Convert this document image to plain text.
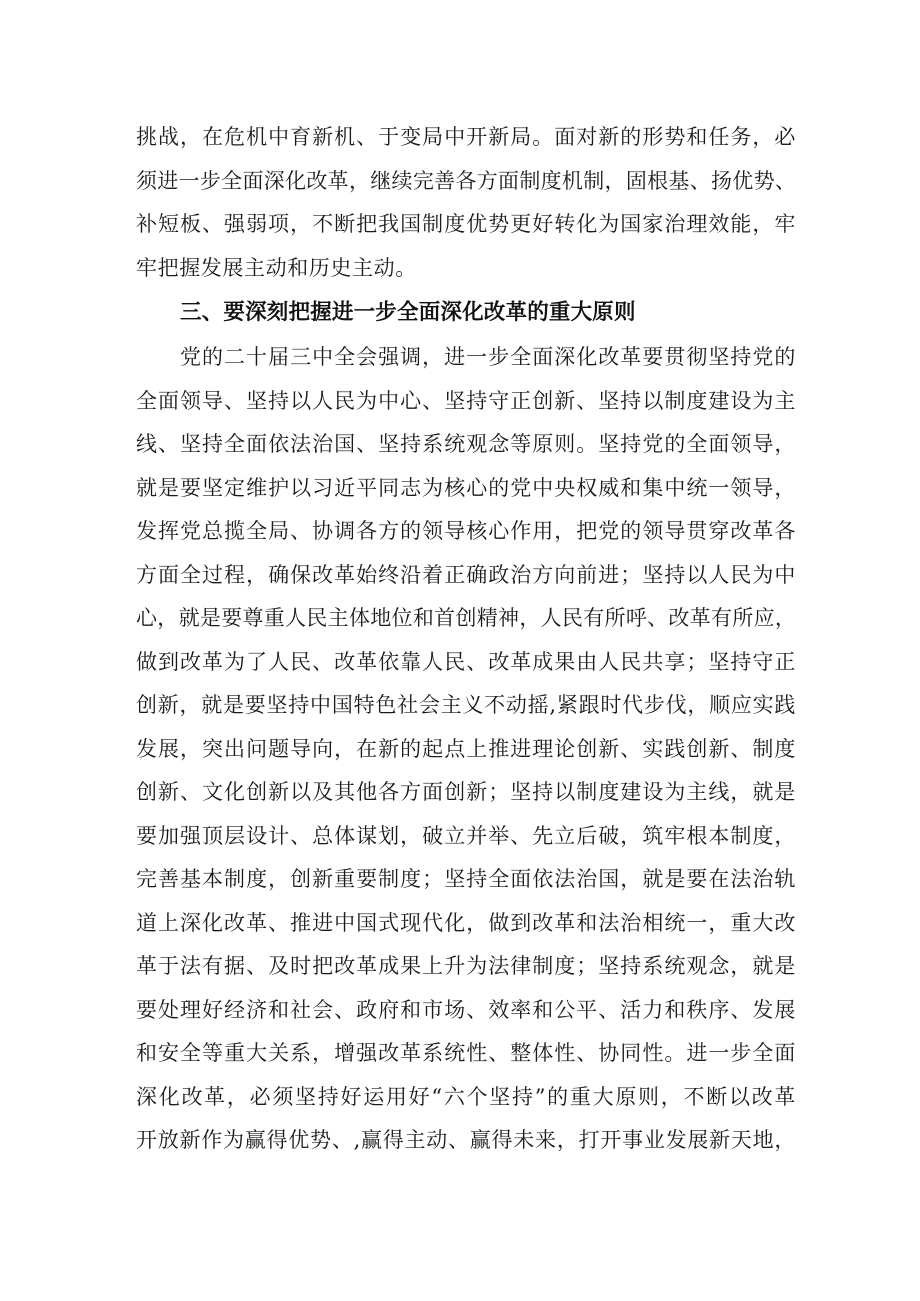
挑战，在危机中育新机、于变局中开新局。面对新的形势和任务，必
须进一步全面深化改革，继续完善各方面制度机制，固根基、扬优势、
补短板、强弱项，不断把我国制度优势更好转化为国家治理效能，牢
牢把握发展主动和历史主动。
三、要深刻把握进一步全面深化改革的重大原则
党的二十届三中全会强调，进一步全面深化改革要贯彻坚持党的
全面领导、坚持以人民为中心、坚持守正创新、坚持以制度建设为主
线、坚持全面依法治国、坚持系统观念等原则。坚持党的全面领导，
就是要坚定维护以习近平同志为核心的党中央权威和集中统一领导，
发挥党总揽全局、协调各方的领导核心作用，把党的领导贯穿改革各
方面全过程，确保改革始终沿着正确政治方向前进；坚持以人民为中
心，就是要尊重人民主体地位和首创精神，人民有所呼、改革有所应，
做到改革为了人民、改革依靠人民、改革成果由人民共享；坚持守正
创新，就是要坚持中国特色社会主义不动摇,紧跟时代步伐，顺应实践
发展，突出问题导向，在新的起点上推进理论创新、实践创新、制度
创新、文化创新以及其他各方面创新；坚持以制度建设为主线，就是
要加强顶层设计、总体谋划，破立并举、先立后破，筑牢根本制度，
完善基本制度，创新重要制度；坚持全面依法治国，就是要在法治轨
道上深化改革、推进中国式现代化，做到改革和法治相统一，重大改
革于法有据、及时把改革成果上升为法律制度；坚持系统观念，就是
要处理好经济和社会、政府和市场、效率和公平、活力和秩序、发展
和安全等重大关系，增强改革系统性、整体性、协同性。进一步全面
深化改革，必须坚持好运用好“六个坚持”的重大原则，不断以改革
开放新作为赢得优势、,赢得主动、赢得未来，打开事业发展新天地，
